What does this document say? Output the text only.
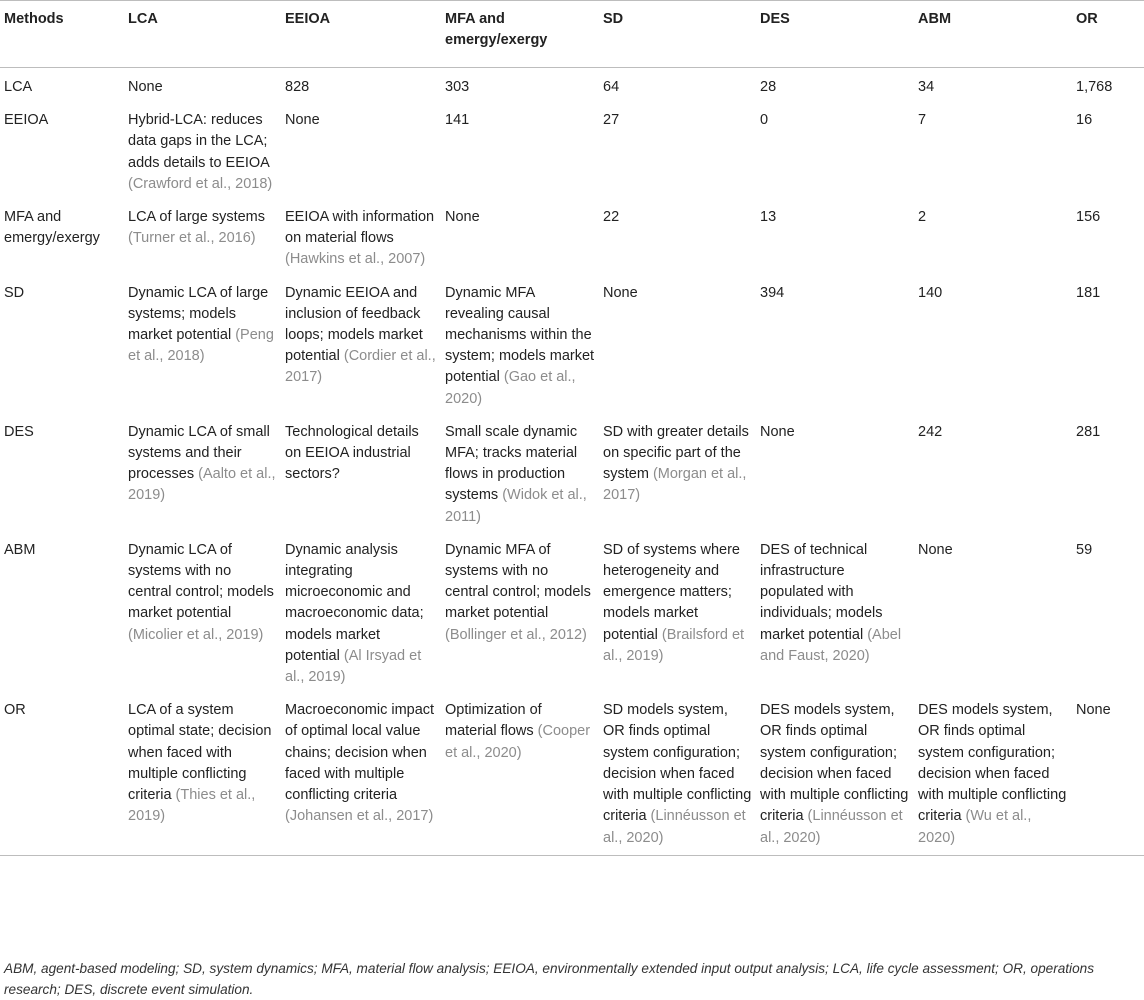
Methods	LCA	EEIOA	MFA and emergy/exergy	SD	DES	ABM	OR
LCA	None	828	303	64	28	34	1,768
EEIOA	Hybrid-LCA: reduces data gaps in the LCA; adds details to EEIOA (Crawford et al., 2018)	None	141	27	0	7	16
MFA and emergy/exergy	LCA of large systems (Turner et al., 2016)	EEIOA with information on material flows (Hawkins et al., 2007)	None	22	13	2	156
SD	Dynamic LCA of large systems; models market potential (Peng et al., 2018)	Dynamic EEIOA and inclusion of feedback loops; models market potential (Cordier et al., 2017)	Dynamic MFA revealing causal mechanisms within the system; models market potential (Gao et al., 2020)	None	394	140	181
DES	Dynamic LCA of small systems and their processes (Aalto et al., 2019)	Technological details on EEIOA industrial sectors?	Small scale dynamic MFA; tracks material flows in production systems (Widok et al., 2011)	SD with greater details on specific part of the system (Morgan et al., 2017)	None	242	281
ABM	Dynamic LCA of systems with no central control; models market potential (Micolier et al., 2019)	Dynamic analysis integrating microeconomic and macroeconomic data; models market potential (Al Irsyad et al., 2019)	Dynamic MFA of systems with no central control; models market potential (Bollinger et al., 2012)	SD of systems where heterogeneity and emergence matters; models market potential (Brailsford et al., 2019)	DES of technical infrastructure populated with individuals; models market potential (Abel and Faust, 2020)	None	59
OR	LCA of a system optimal state; decision when faced with multiple conflicting criteria (Thies et al., 2019)	Macroeconomic impact of optimal local value chains; decision when faced with multiple conflicting criteria (Johansen et al., 2017)	Optimization of material flows (Cooper et al., 2020)	SD models system, OR finds optimal system configuration; decision when faced with multiple conflicting criteria (Linnéusson et al., 2020)	DES models system, OR finds optimal system configuration; decision when faced with multiple conflicting criteria (Linnéusson et al., 2020)	DES models system, OR finds optimal system configuration; decision when faced with multiple conflicting criteria (Wu et al., 2020)	None
ABM, agent-based modeling; SD, system dynamics; MFA, material flow analysis; EEIOA, environmentally extended input output analysis; LCA, life cycle assessment; OR, operations research; DES, discrete event simulation.
